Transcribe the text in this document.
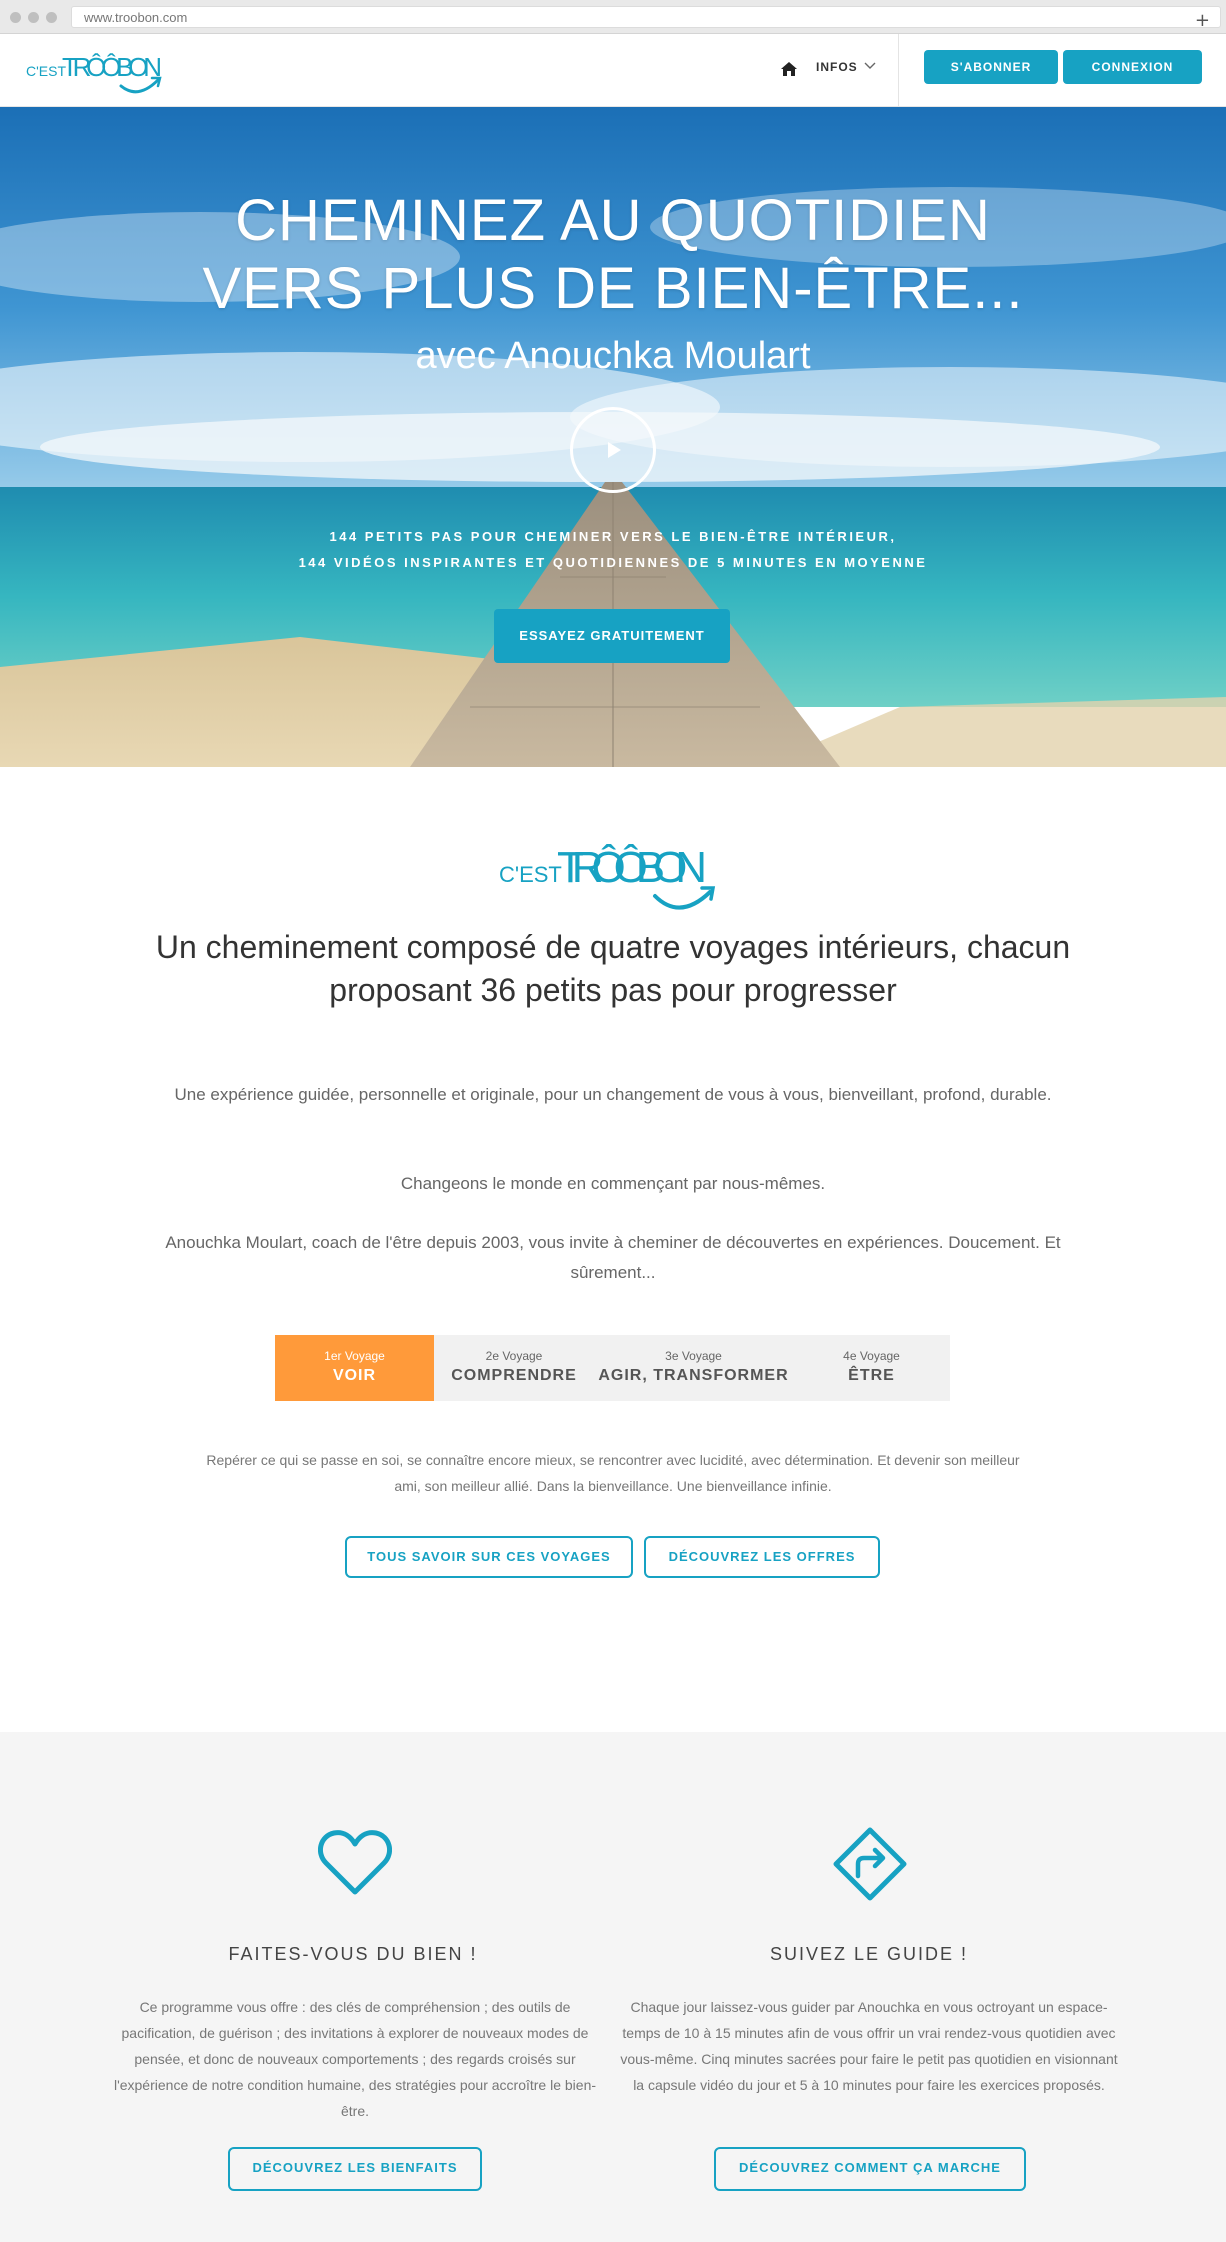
www.troobon.com	+
C'EST
TRÔÔBON	INFOS	S'ABONNER	CONNEXION
CHEMINEZ AU QUOTIDIEN
VERS PLUS DE BIEN-ÊTRE...
avec Anouchka Moulart
144 PETITS PAS POUR CHEMINER VERS LE BIEN-ÊTRE INTÉRIEUR,
144 VIDÉOS INSPIRANTES ET QUOTIDIENNES DE 5 MINUTES EN MOYENNE
ESSAYEZ GRATUITEMENT
C'EST
TRÔÔBON
Un cheminement composé de quatre voyages intérieurs, chacun proposant 36 petits pas pour progresser
Une expérience guidée, personnelle et originale, pour un changement de vous à vous, bienveillant, profond, durable.
Changeons le monde en commençant par nous-mêmes.
Anouchka Moulart, coach de l'être depuis 2003, vous invite à cheminer de découvertes en expériences. Doucement. Et sûrement...
1er Voyage
VOIR
2e Voyage
COMPRENDRE
3e Voyage
AGIR, TRANSFORMER
4e Voyage
ÊTRE
Repérer ce qui se passe en soi, se connaître encore mieux, se rencontrer avec lucidité, avec détermination. Et devenir son meilleur ami, son meilleur allié. Dans la bienveillance. Une bienveillance infinie.
TOUS SAVOIR SUR CES VOYAGES	DÉCOUVREZ LES OFFRES
FAITES-VOUS DU BIEN !
Ce programme vous offre : des clés de compréhension ; des outils de pacification, de guérison ; des invitations à explorer de nouveaux modes de pensée, et donc de nouveaux comportements ; des regards croisés sur l'expérience de notre condition humaine, des stratégies pour accroître le bien-être.
DÉCOUVREZ LES BIENFAITS
SUIVEZ LE GUIDE !
Chaque jour laissez-vous guider par Anouchka en vous octroyant un espace-temps de 10 à 15 minutes afin de vous offrir un vrai rendez-vous quotidien avec vous-même. Cinq minutes sacrées pour faire le petit pas quotidien en visionnant la capsule vidéo du jour et 5 à 10 minutes pour faire les exercices proposés.
DÉCOUVREZ COMMENT ÇA MARCHE
